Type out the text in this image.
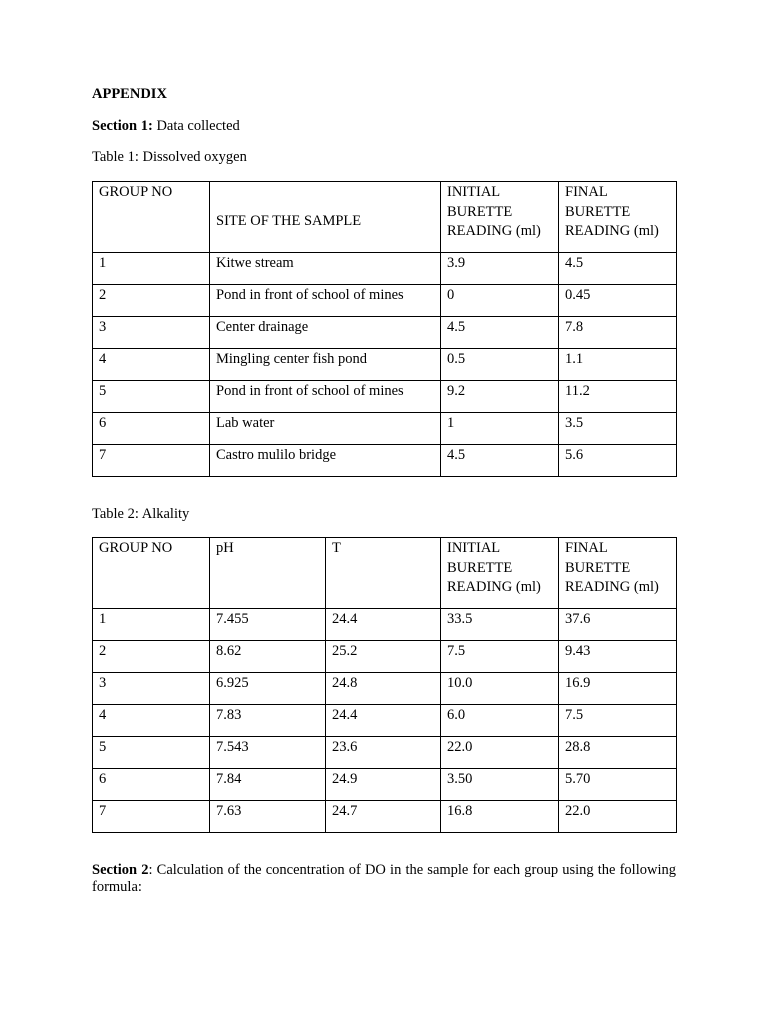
APPENDIX
Section 1: Data collected
Table 1: Dissolved oxygen
GROUP NO	SITE OF THE SAMPLE	INITIAL BURETTE READING (ml)	FINAL BURETTE READING (ml)
1	Kitwe stream	3.9	4.5
2	Pond in front of school of mines	0	0.45
3	Center drainage	4.5	7.8
4	Mingling center fish pond	0.5	1.1
5	Pond in front of school of mines	9.2	11.2
6	Lab water	1	3.5
7	Castro mulilo bridge	4.5	5.6
Table 2: Alkality
GROUP NO	pH	T	INITIAL BURETTE READING (ml)	FINAL BURETTE READING (ml)
1	7.455	24.4	33.5	37.6
2	8.62	25.2	7.5	9.43
3	6.925	24.8	10.0	16.9
4	7.83	24.4	6.0	7.5
5	7.543	23.6	22.0	28.8
6	7.84	24.9	3.50	5.70
7	7.63	24.7	16.8	22.0
Section 2: Calculation of the concentration of DO in the sample for each group using the following formula:
